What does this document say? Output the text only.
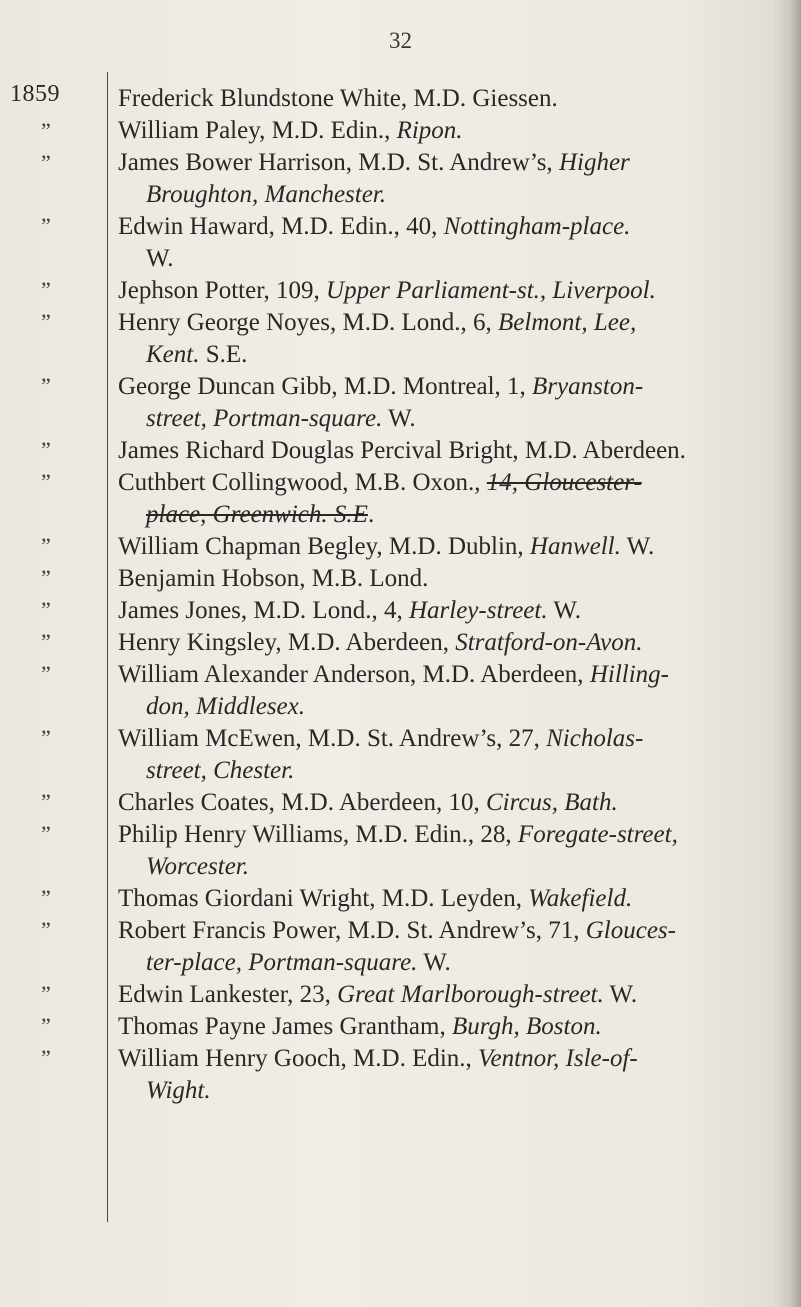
32
1859
”
”
”
”
”
”
”
”
”
”
”
”
”
”
”
”
”
”
”
”
”
Frederick Blundstone White, M.D. Giessen.
William Paley, M.D. Edin., Ripon.
James Bower Harrison, M.D. St. Andrew’s, Higher
Broughton, Manchester.
Edwin Haward, M.D. Edin., 40, Nottingham-place.
W.
Jephson Potter, 109, Upper Parliament-st., Liverpool.
Henry George Noyes, M.D. Lond., 6, Belmont, Lee,
Kent. S.E.
George Duncan Gibb, M.D. Montreal, 1, Bryanston-
street, Portman-square. W.
James Richard Douglas Percival Bright, M.D. Aberdeen.
Cuthbert Collingwood, M.B. Oxon., 14, Gloucester-
place, Greenwich. S.E.
William Chapman Begley, M.D. Dublin, Hanwell. W.
Benjamin Hobson, M.B. Lond.
James Jones, M.D. Lond., 4, Harley-street. W.
Henry Kingsley, M.D. Aberdeen, Stratford-on-Avon.
William Alexander Anderson, M.D. Aberdeen, Hilling-
don, Middlesex.
William McEwen, M.D. St. Andrew’s, 27, Nicholas-
street, Chester.
Charles Coates, M.D. Aberdeen, 10, Circus, Bath.
Philip Henry Williams, M.D. Edin., 28, Foregate-street,
Worcester.
Thomas Giordani Wright, M.D. Leyden, Wakefield.
Robert Francis Power, M.D. St. Andrew’s, 71, Glouces-
ter-place, Portman-square. W.
Edwin Lankester, 23, Great Marlborough-street. W.
Thomas Payne James Grantham, Burgh, Boston.
William Henry Gooch, M.D. Edin., Ventnor, Isle-of-
Wight.
